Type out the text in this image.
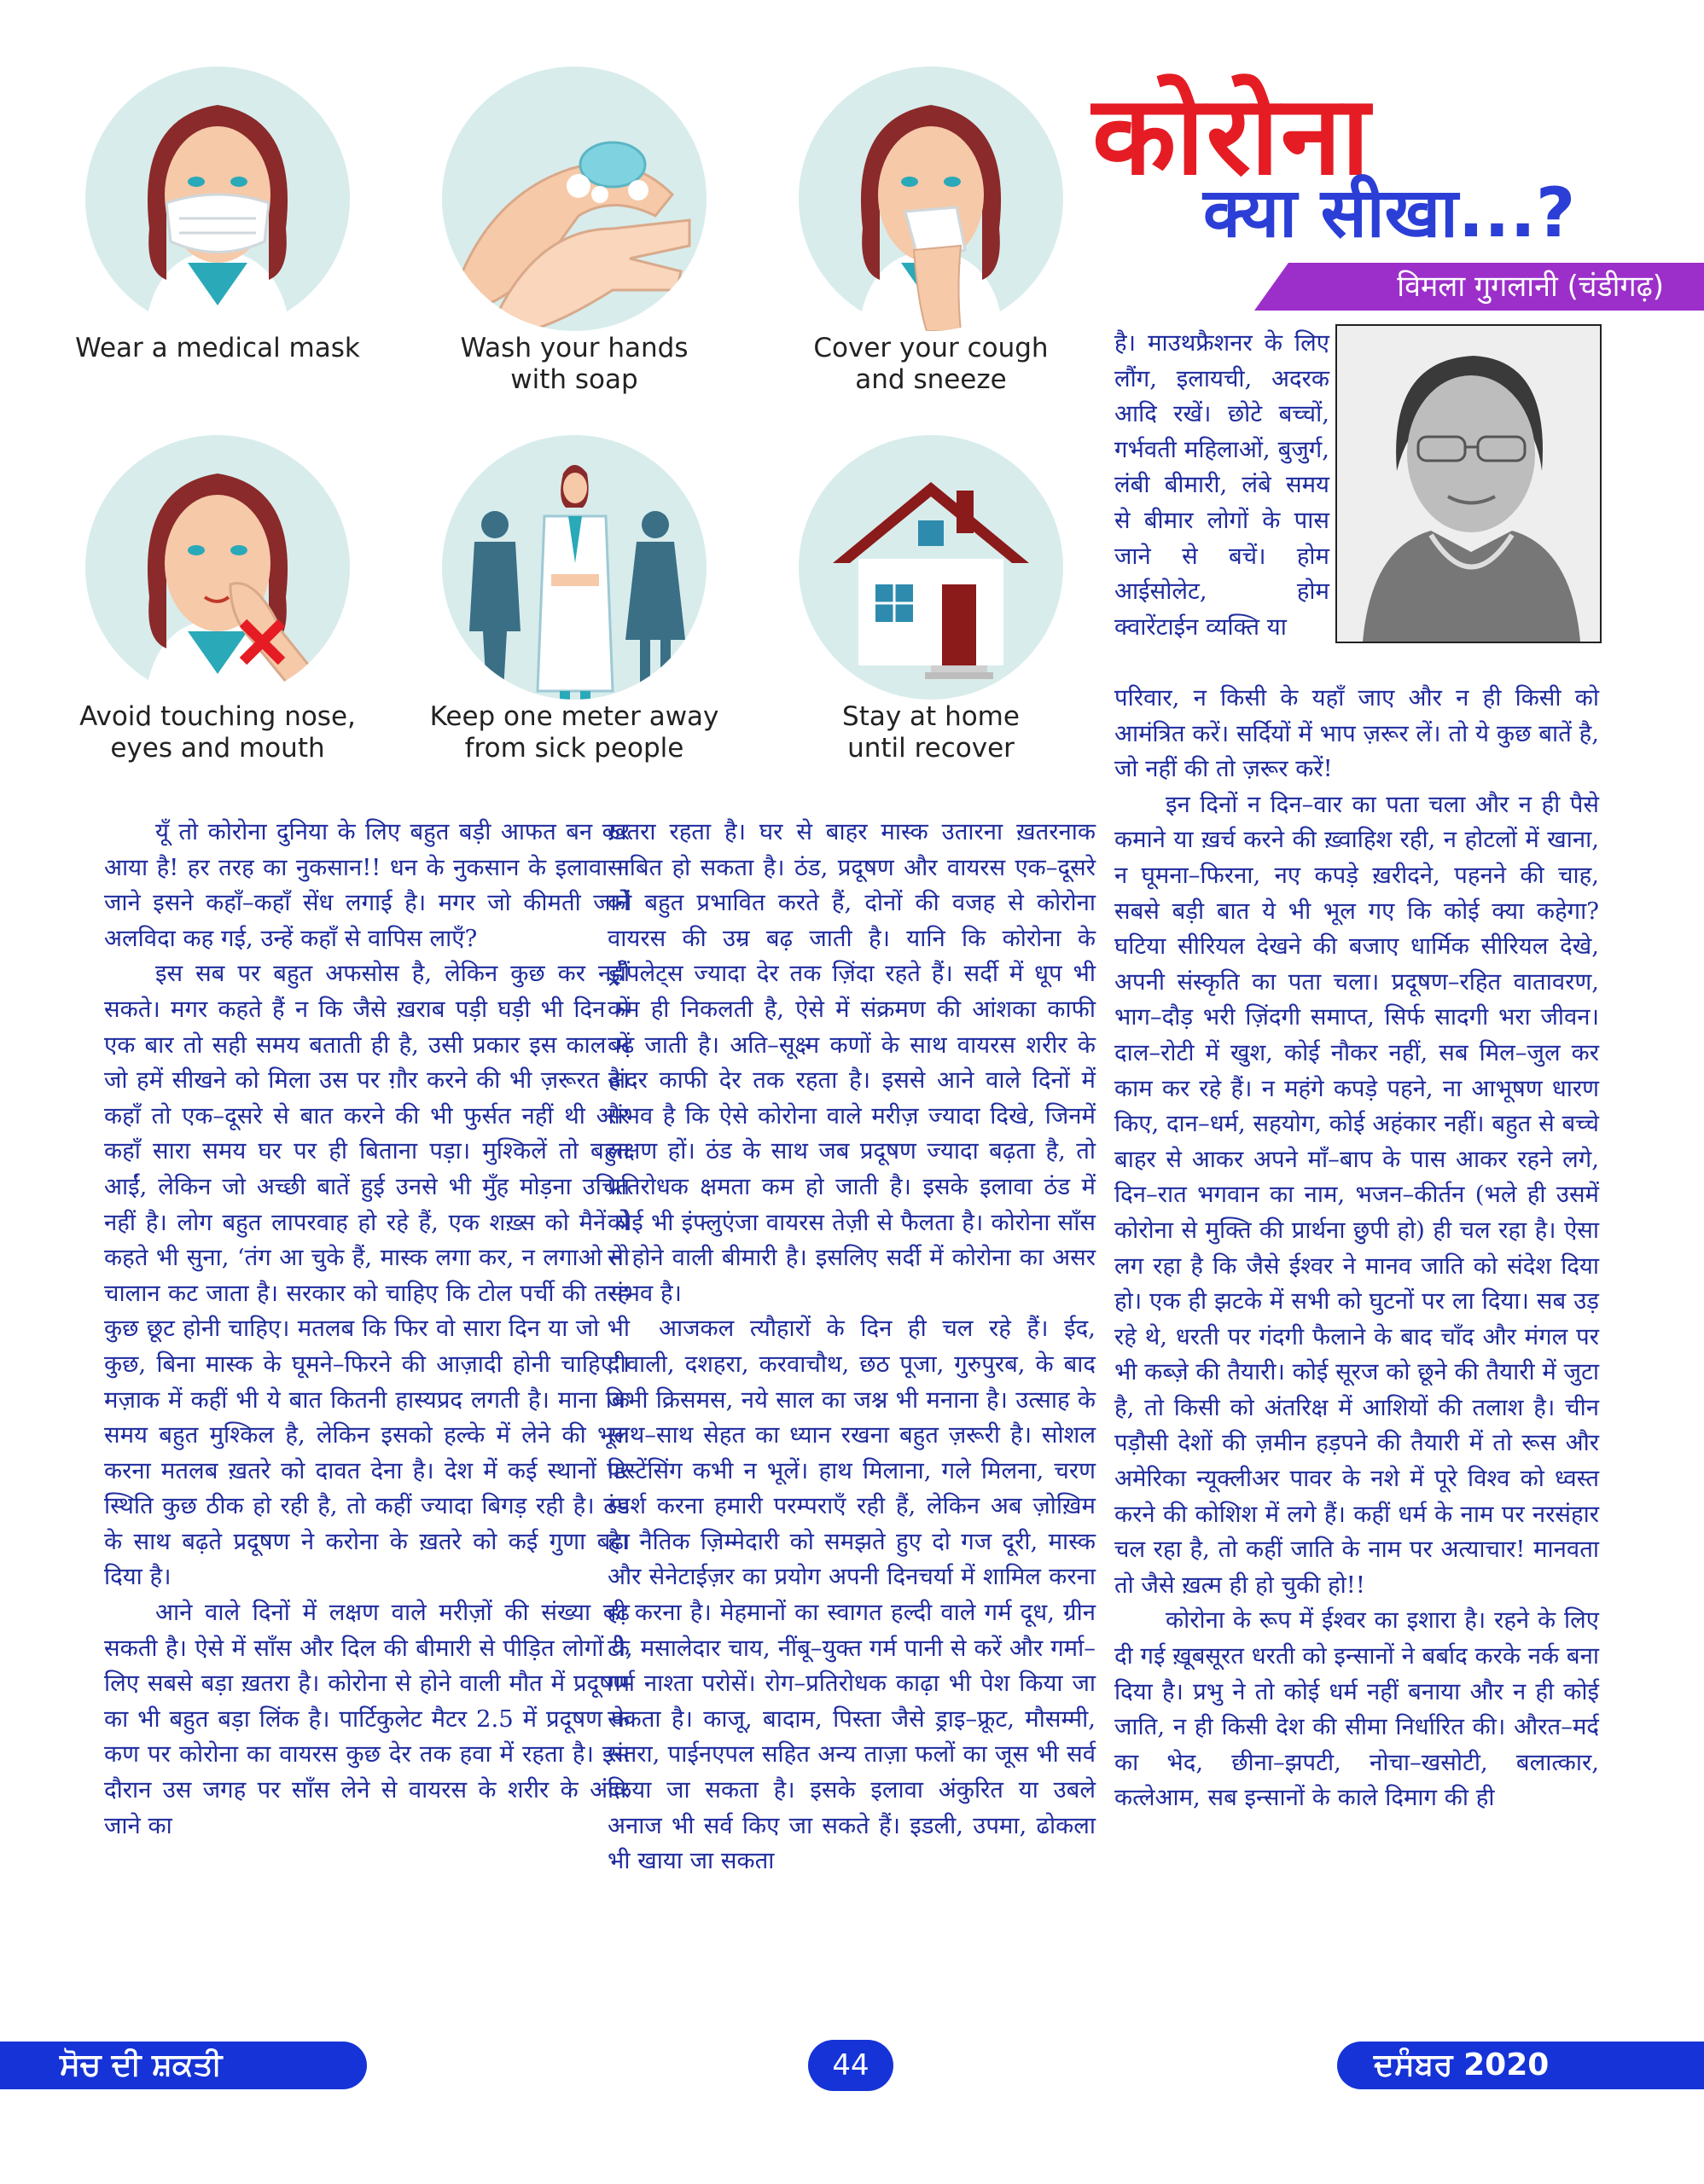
Wear a medical mask	Wash your hands
with soap
Cover your cough
and sneeze
Avoid touching nose,
eyes and mouth
Keep one meter away
from sick people
Stay at home
until recover
कोरोना
क्या सीखा...?
विमला गुगलानी (चंडीगढ़)

यूँ तो कोरोना दुनिया के लिए बहुत बड़ी आफत बन कर आया है! हर तरह का नुकसान!! धन के नुकसान के इलावा न जाने इसने कहाँ–कहाँ सेंध लगाई है। मगर जो कीमती जानें अलविदा कह गई, उन्हें कहाँ से वापिस लाएँ?

इस सब पर बहुत अफसोस है, लेकिन कुछ कर नहीं सकते। मगर कहते हैं न कि जैसे ख़राब पड़ी घड़ी भी दिन में एक बार तो सही समय बताती ही है, उसी प्रकार इस काल में जो हमें सीखने को मिला उस पर ग़ौर करने की भी ज़रूरत है। कहाँ तो एक–दूसरे से बात करने की भी फुर्सत नहीं थी और कहाँ सारा समय घर पर ही बिताना पड़ा। मुश्किलें तो बहुत आईं, लेकिन जो अच्छी बातें हुई उनसे भी मुँह मोड़ना उचित नहीं है। लोग बहुत लापरवाह हो रहे हैं, एक शख़्स को मैनें ये कहते भी सुना, ‘तंग आ चुके हैं, मास्क लगा कर, न लगाओ तो चालान कट जाता है। सरकार को चाहिए कि टोल पर्ची की तरह कुछ छूट होनी चाहिए। मतलब कि फिर वो सारा दिन या जो भी कुछ, बिना मास्क के घूमने–फिरने की आज़ादी होनी चाहिए’। मज़ाक में कहीं भी ये बात कितनी हास्यप्रद लगती है। माना कि समय बहुत मुश्किल है, लेकिन इसको हल्के में लेने की भूल करना मतलब ख़तरे को दावत देना है। देश में कई स्थानों पर स्थिति कुछ ठीक हो रही है, तो कहीं ज्यादा बिगड़ रही है। ठंड के साथ बढ़ते प्रदूषण ने करोना के ख़तरे को कई गुणा बढ़ा दिया है।

आने वाले दिनों में लक्षण वाले मरीज़ों की संख्या बढ़ सकती है। ऐसे में साँस और दिल की बीमारी से पीड़ित लोगों के लिए सबसे बड़ा ख़तरा है। कोरोना से होने वाली मौत में प्रदूषण का भी बहुत बड़ा लिंक है। पार्टिकुलेट मैटर 2.5 में प्रदूषण के कण पर कोरोना का वायरस कुछ देर तक हवा में रहता है। इस दौरान उस जगह पर साँस लेने से वायरस के शरीर के अंदर जाने का

ख़तरा रहता है। घर से बाहर मास्क उतारना ख़तरनाक साबित हो सकता है। ठंड, प्रदूषण और वायरस एक–दूसरे को बहुत प्रभावित करते हैं, दोनों की वजह से कोरोना वायरस की उम्र बढ़ जाती है। यानि कि कोरोना के ड्रॉपलेट्स ज्यादा देर तक ज़िंदा रहते हैं। सर्दी में धूप भी कम ही निकलती है, ऐसे में संक्रमण की आंशका काफी बढ़ जाती है। अति–सूक्ष्म कणों के साथ वायरस शरीर के अंदर काफी देर तक रहता है। इससे आने वाले दिनों में संभव है कि ऐसे कोरोना वाले मरीज़ ज्यादा दिखे, जिनमें लक्षण हों। ठंड के साथ जब प्रदूषण ज्यादा बढ़ता है, तो प्रतिरोधक क्षमता कम हो जाती है। इसके इलावा ठंड में कोई भी इंफ्लुएंजा वायरस तेज़ी से फैलता है। कोरोना साँस से होने वाली बीमारी है। इसलिए सर्दी में कोरोना का असर संभव है।

आजकल त्यौहारों के दिन ही चल रहे हैं। ईद, दीवाली, दशहरा, करवाचौथ, छठ पूजा, गुरुपुरब, के बाद अभी क्रिसमस, नये साल का जश्न भी मनाना है। उत्साह के साथ–साथ सेहत का ध्यान रखना बहुत ज़रूरी है। सोशल डिस्टेंसिंग कभी न भूलें। हाथ मिलाना, गले मिलना, चरण स्पर्श करना हमारी परम्पराएँ रही हैं, लेकिन अब ज़ोख़िम है। नैतिक ज़िम्मेदारी को समझते हुए दो गज दूरी, मास्क और सेनेटाईज़र का प्रयोग अपनी दिनचर्या में शामिल करना ही करना है। मेहमानों का स्वागत हल्दी वाले गर्म दूध, ग्रीन टी, मसालेदार चाय, नींबू–युक्त गर्म पानी से करें और गर्मा–गर्म नाश्ता परोसें। रोग–प्रतिरोधक काढ़ा भी पेश किया जा सकता है। काजू, बादाम, पिस्ता जैसे ड्राइ–फ्रूट, मौसम्मी, संतरा, पाईनएपल सहित अन्य ताज़ा फलों का जूस भी सर्व किया जा सकता है। इसके इलावा अंकुरित या उबले अनाज भी सर्व किए जा सकते हैं। इडली, उपमा, ढोकला भी खाया जा सकता

है। माउथफ्रैशनर के लिए लौंग, इलायची, अदरक आदि रखें। छोटे बच्चों, गर्भवती महिलाओं, बुजुर्ग, लंबी बीमारी, लंबे समय से बीमार लोगों के पास जाने से बचें। होम आईसोलेट, होम क्वारेंटाईन व्यक्ति या

परिवार, न किसी के यहाँ जाए और न ही किसी को आमंत्रित करें। सर्दियों में भाप ज़रूर लें। तो ये कुछ बातें है, जो नहीं की तो ज़रूर करें!

इन दिनों न दिन–वार का पता चला और न ही पैसे कमाने या ख़र्च करने की ख़्वाहिश रही, न होटलों में खाना, न घूमना–फिरना, नए कपड़े ख़रीदने, पहनने की चाह, सबसे बड़ी बात ये भी भूल गए कि कोई क्या कहेगा? घटिया सीरियल देखने की बजाए धार्मिक सीरियल देखे, अपनी संस्कृति का पता चला। प्रदूषण–रहित वातावरण, भाग–दौड़ भरी ज़िंदगी समाप्त, सिर्फ सादगी भरा जीवन। दाल–रोटी में खुश, कोई नौकर नहीं, सब मिल–जुल कर काम कर रहे हैं। न महंगे कपड़े पहने, ना आभूषण धारण किए, दान–धर्म, सहयोग, कोई अहंकार नहीं। बहुत से बच्चे बाहर से आकर अपने माँ–बाप के पास आकर रहने लगे, दिन–रात भगवान का नाम, भजन–कीर्तन (भले ही उसमें कोरोना से मुक्ति की प्रार्थना छुपी हो) ही चल रहा है। ऐसा लग रहा है कि जैसे ईश्वर ने मानव जाति को संदेश दिया हो। एक ही झटके में सभी को घुटनों पर ला दिया। सब उड़ रहे थे, धरती पर गंदगी फैलाने के बाद चाँद और मंगल पर भी कब्ज़े की तैयारी। कोई सूरज को छूने की तैयारी में जुटा है, तो किसी को अंतरिक्ष में आशियों की तलाश है। चीन पड़ौसी देशों की ज़मीन हड़पने की तैयारी में तो रूस और अमेरिका न्यूक्लीअर पावर के नशे में पूरे विश्व को ध्वस्त करने की कोशिश में लगे हैं। कहीं धर्म के नाम पर नरसंहार चल रहा है, तो कहीं जाति के नाम पर अत्याचार! मानवता तो जैसे ख़त्म ही हो चुकी हो!!

कोरोना के रूप में ईश्वर का इशारा है। रहने के लिए दी गई ख़ूबसूरत धरती को इन्सानों ने बर्बाद करके नर्क बना दिया है। प्रभु ने तो कोई धर्म नहीं बनाया और न ही कोई जाति, न ही किसी देश की सीमा निर्धारित की। औरत–मर्द का भेद, छीना–झपटी, नोचा–खसोटी, बलात्कार, कत्लेआम, सब इन्सानों के काले दिमाग की ही

ਸੋਚ ਦੀ ਸ਼ਕਤੀ	44	ਦਸੰਬਰ 2020
